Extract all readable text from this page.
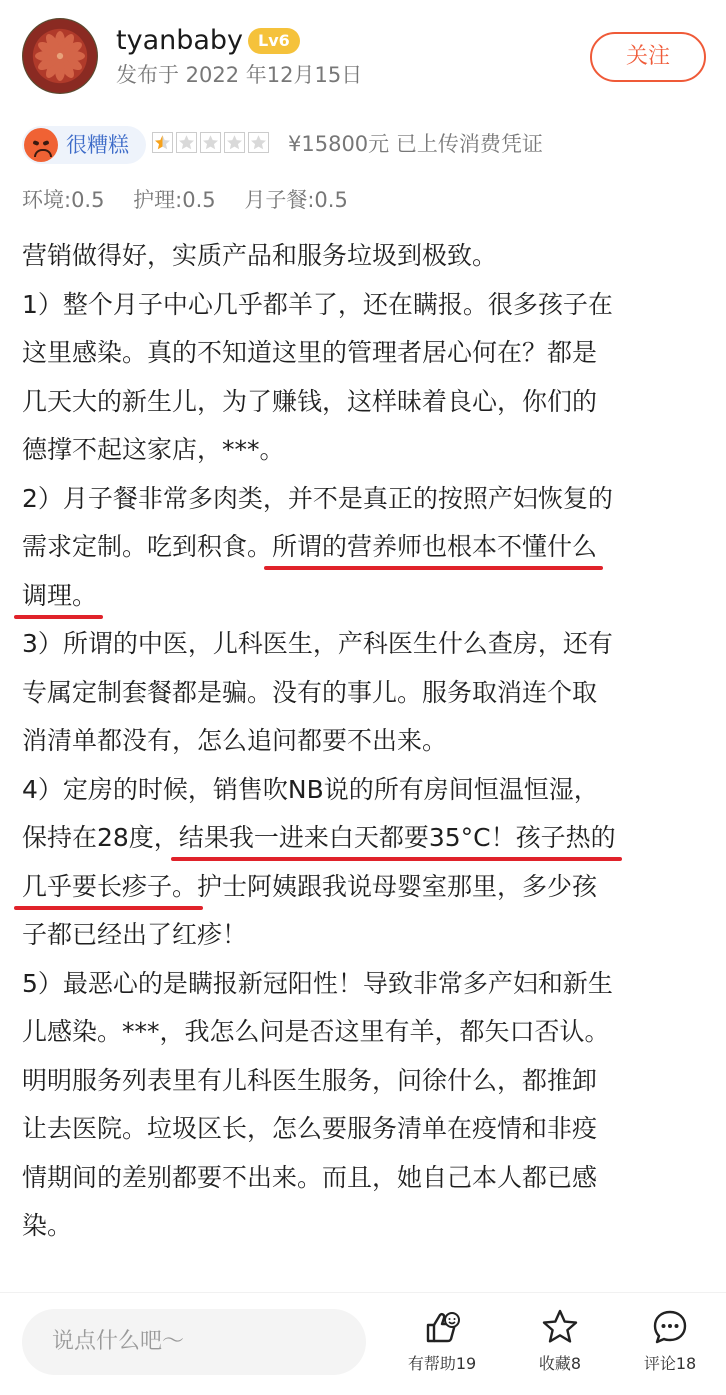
tyanbaby Lv6
发布于 2022 年12月15日
关注
很糟糕	¥15800元 已上传消费凭证
环境:0.5 护理:0.5 月子餐:0.5
营销做得好，实质产品和服务垃圾到极致。
1）整个月子中心几乎都羊了，还在瞒报。很多孩子在
这里感染。真的不知道这里的管理者居心何在？都是
几天大的新生儿，为了赚钱，这样昧着良心，你们的
德撑不起这家店，***。
2）月子餐非常多肉类，并不是真正的按照产妇恢复的
需求定制。吃到积食。所谓的营养师也根本不懂什么
调理。
3）所谓的中医，儿科医生，产科医生什么查房，还有
专属定制套餐都是骗。没有的事儿。服务取消连个取
消清单都没有，怎么追问都要不出来。
4）定房的时候，销售吹NB说的所有房间恒温恒湿，
保持在28度，结果我一进来白天都要35°C！孩子热的
几乎要长疹子。护士阿姨跟我说母婴室那里，多少孩
子都已经出了红疹！
5）最恶心的是瞒报新冠阳性！导致非常多产妇和新生
儿感染。***，我怎么问是否这里有羊，都矢口否认。
明明服务列表里有儿科医生服务，问徐什么，都推卸
让去医院。垃圾区长，怎么要服务清单在疫情和非疫
情期间的差别都要不出来。而且，她自己本人都已感
染。
说点什么吧～
有帮助19	收藏8	评论18
